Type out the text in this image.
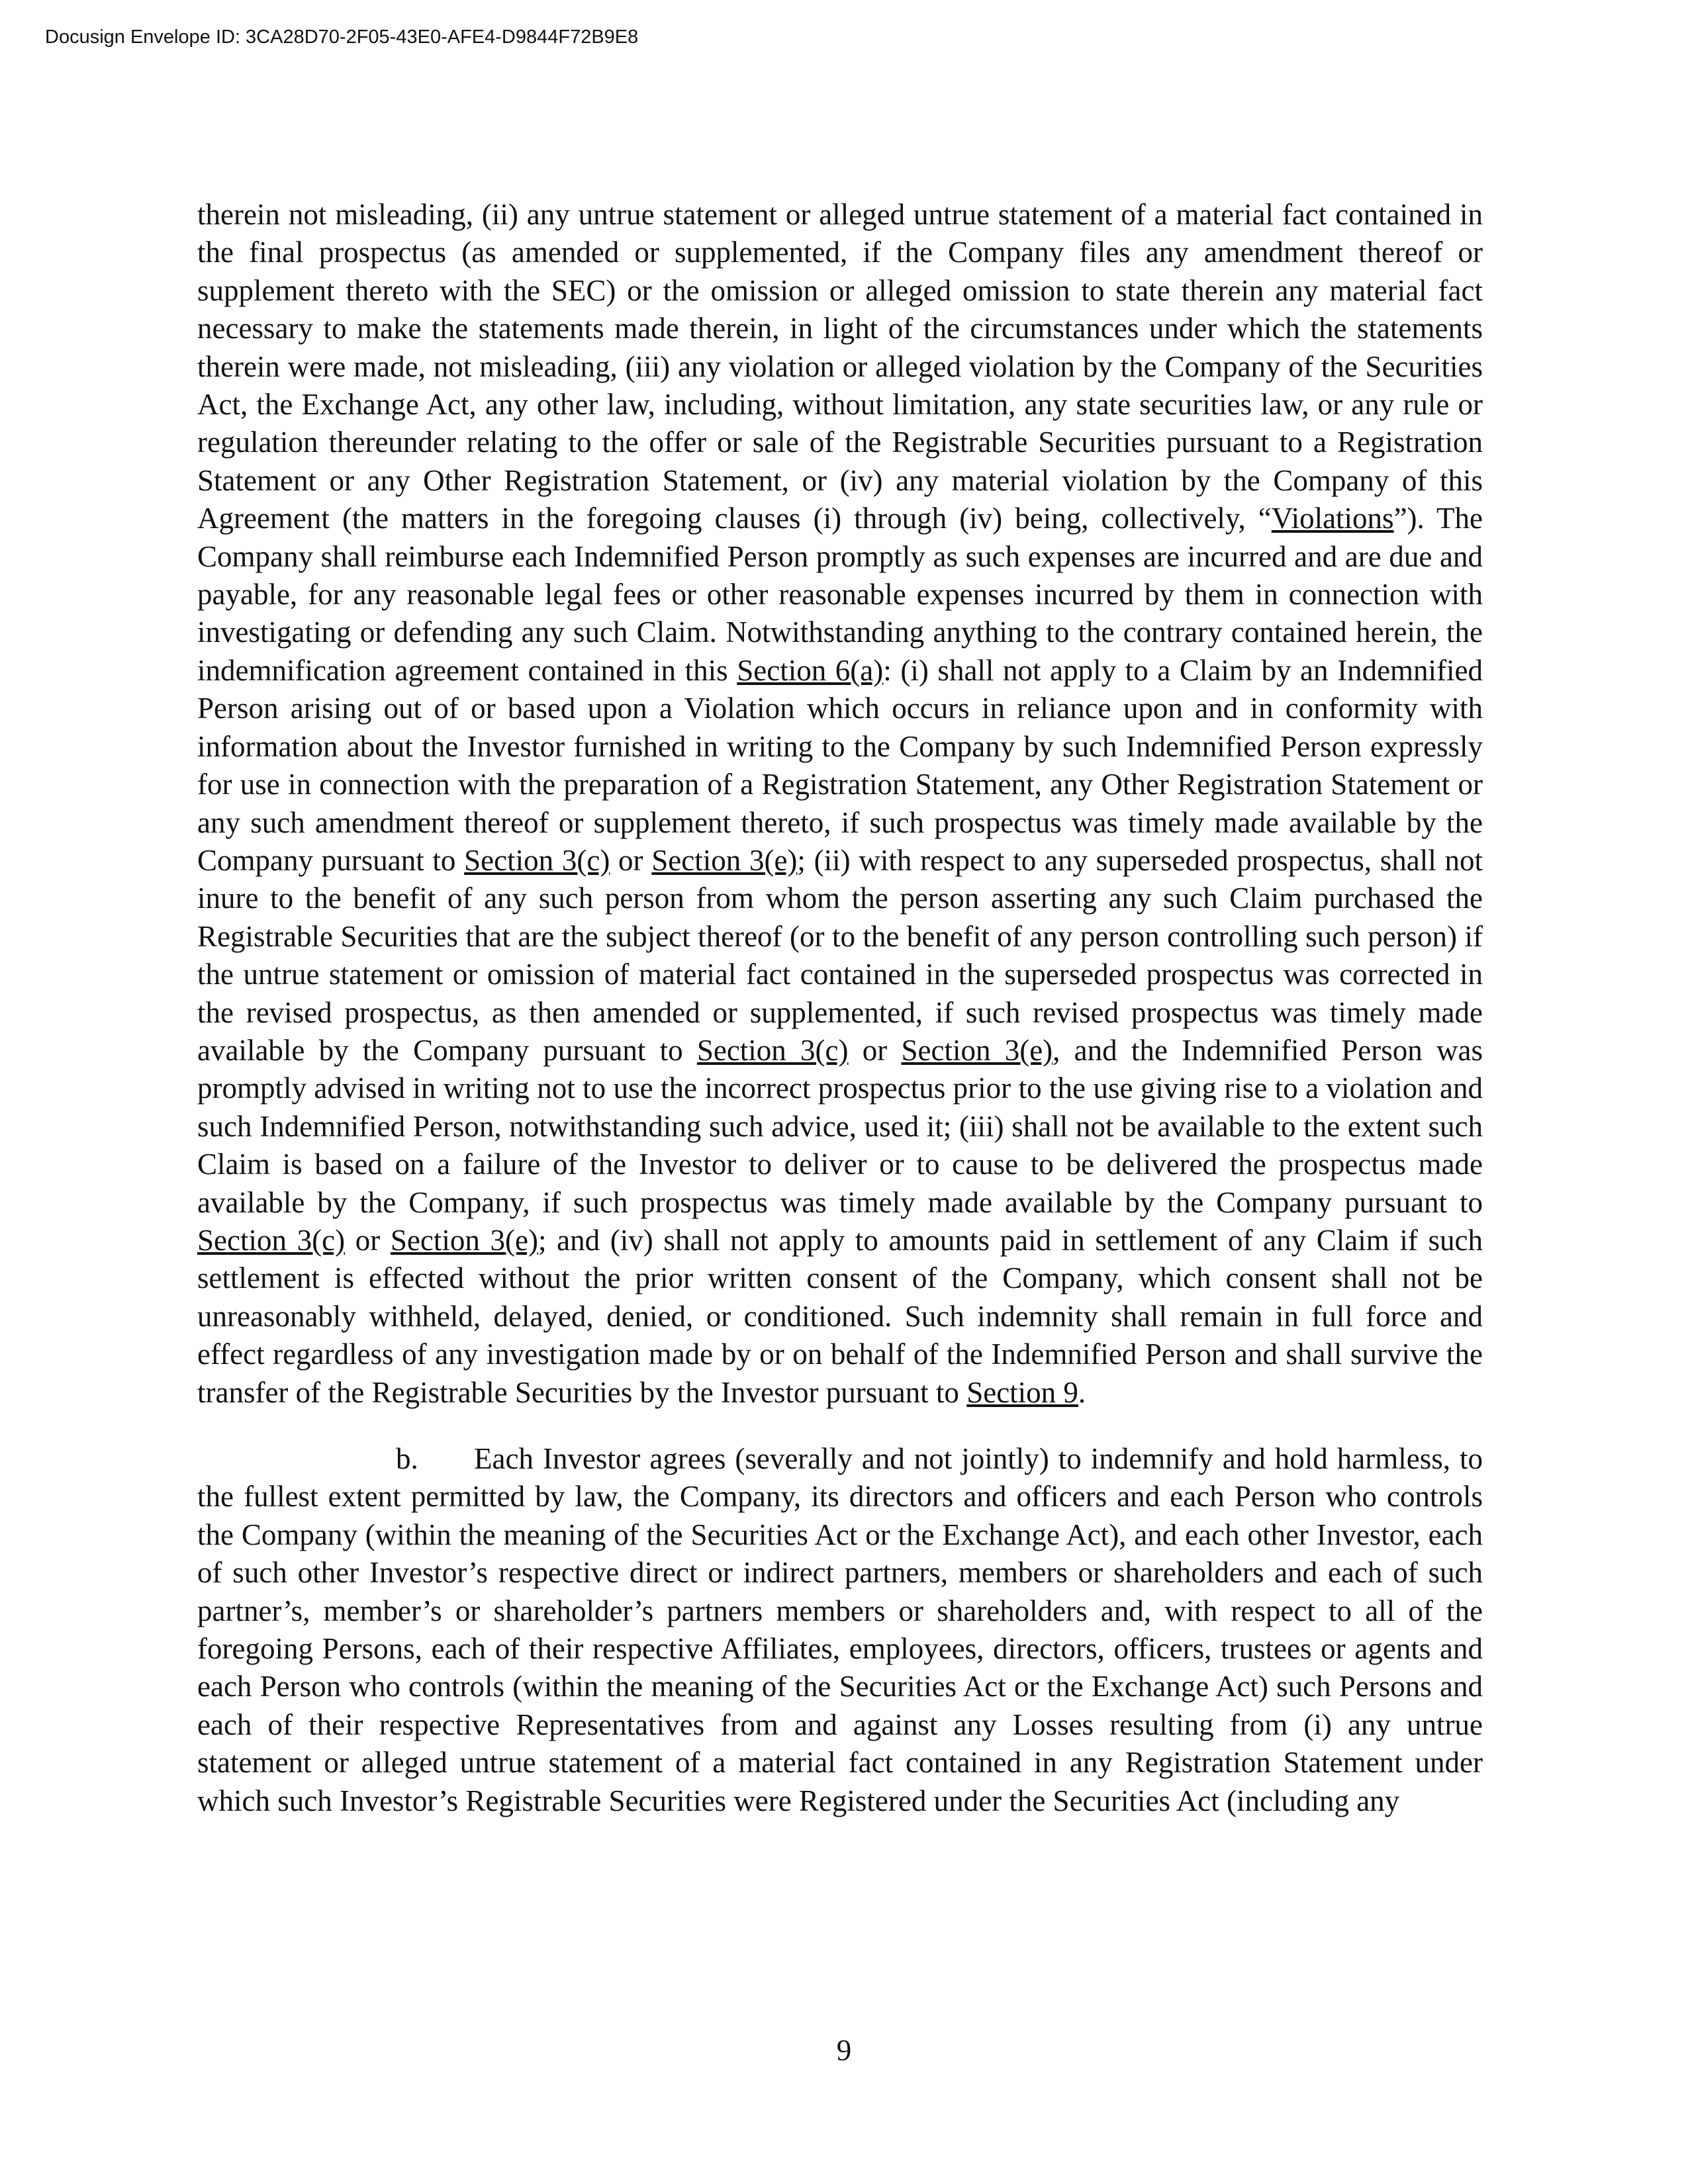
Docusign Envelope ID: 3CA28D70-2F05-43E0-AFE4-D9844F72B9E8

therein not misleading, (ii) any untrue statement or alleged untrue statement of a material fact contained in the final prospectus (as amended or supplemented, if the Company files any amendment thereof or supplement thereto with the SEC) or the omission or alleged omission to state therein any material fact necessary to make the statements made therein, in light of the circumstances under which the statements therein were made, not misleading, (iii) any violation or alleged violation by the Company of the Securities Act, the Exchange Act, any other law, including, without limitation, any state securities law, or any rule or regulation thereunder relating to the offer or sale of the Registrable Securities pursuant to a Registration Statement or any Other Registration Statement, or (iv) any material violation by the Company of this Agreement (the matters in the foregoing clauses (i) through (iv) being, collectively, “Violations”). The Company shall reimburse each Indemnified Person promptly as such expenses are incurred and are due and payable, for any reasonable legal fees or other reasonable expenses incurred by them in connection with investigating or defending any such Claim. Notwithstanding anything to the contrary contained herein, the indemnification agreement contained in this Section 6(a): (i) shall not apply to a Claim by an Indemnified Person arising out of or based upon a Violation which occurs in reliance upon and in conformity with information about the Investor furnished in writing to the Company by such Indemnified Person expressly for use in connection with the preparation of a Registration Statement, any Other Registration Statement or any such amendment thereof or supplement thereto, if such prospectus was timely made available by the Company pursuant to Section 3(c) or Section 3(e); (ii) with respect to any superseded prospectus, shall not inure to the benefit of any such person from whom the person asserting any such Claim purchased the Registrable Securities that are the subject thereof (or to the benefit of any person controlling such person) if the untrue statement or omission of material fact contained in the superseded prospectus was corrected in the revised prospectus, as then amended or supplemented, if such revised prospectus was timely made available by the Company pursuant to Section 3(c) or Section 3(e), and the Indemnified Person was promptly advised in writing not to use the incorrect prospectus prior to the use giving rise to a violation and such Indemnified Person, notwithstanding such advice, used it; (iii) shall not be available to the extent such Claim is based on a failure of the Investor to deliver or to cause to be delivered the prospectus made available by the Company, if such prospectus was timely made available by the Company pursuant to Section 3(c) or Section 3(e); and (iv) shall not apply to amounts paid in settlement of any Claim if such settlement is effected without the prior written consent of the Company, which consent shall not be unreasonably withheld, delayed, denied, or conditioned. Such indemnity shall remain in full force and effect regardless of any investigation made by or on behalf of the Indemnified Person and shall survive the transfer of the Registrable Securities by the Investor pursuant to Section 9.

b. Each Investor agrees (severally and not jointly) to indemnify and hold harmless, to the fullest extent permitted by law, the Company, its directors and officers and each Person who controls the Company (within the meaning of the Securities Act or the Exchange Act), and each other Investor, each of such other Investor’s respective direct or indirect partners, members or shareholders and each of such partner’s, member’s or shareholder’s partners members or shareholders and, with respect to all of the foregoing Persons, each of their respective Affiliates, employees, directors, officers, trustees or agents and each Person who controls (within the meaning of the Securities Act or the Exchange Act) such Persons and each of their respective Representatives from and against any Losses resulting from (i) any untrue statement or alleged untrue statement of a material fact contained in any Registration Statement under which such Investor’s Registrable Securities were Registered under the Securities Act (including any

9
